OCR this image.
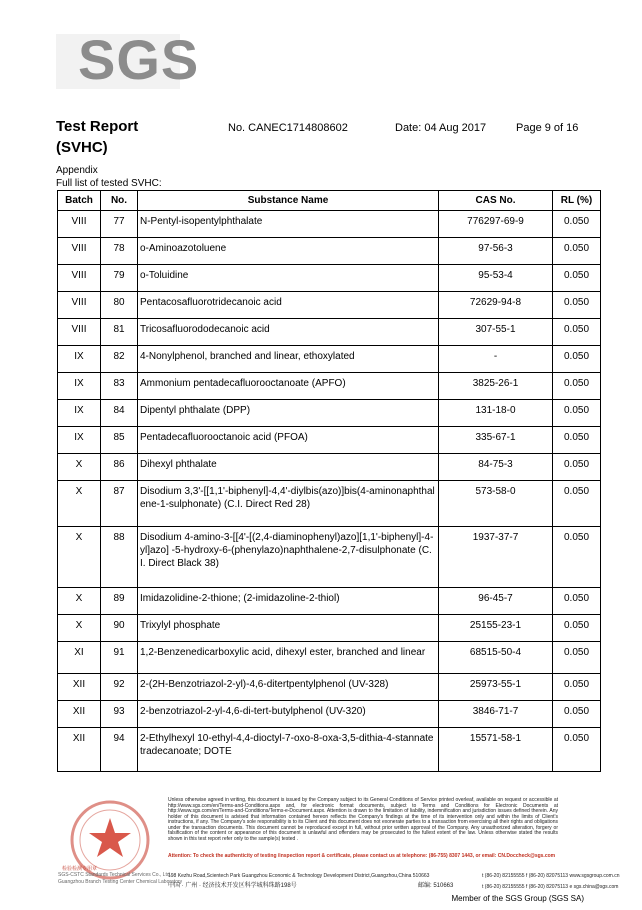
SGS
Test Report
(SVHC)
No. CANEC1714808602	Date: 04 Aug 2017	Page 9 of 16
Appendix
Full list of tested SVHC:
Batch	No.	Substance Name	CAS No.	RL (%)
VIII	77	N-Pentyl-isopentylphthalate	776297-69-9	0.050
VIII	78	o-Aminoazotoluene	97-56-3	0.050
VIII	79	o-Toluidine	95-53-4	0.050
VIII	80	Pentacosafluorotridecanoic acid	72629-94-8	0.050
VIII	81	Tricosafluorododecanoic acid	307-55-1	0.050
IX	82	4-Nonylphenol, branched and linear, ethoxylated	-	0.050
IX	83	Ammonium pentadecafluorooctanoate (APFO)	3825-26-1	0.050
IX	84	Dipentyl phthalate (DPP)	131-18-0	0.050
IX	85	Pentadecafluorooctanoic acid (PFOA)	335-67-1	0.050
X	86	Dihexyl phthalate	84-75-3	0.050
X	87	Disodium 3,3'-[[1,1'-biphenyl]-4,4'-diylbis(azo)]bis(4-aminonaphthalene-1-sulphonate) (C.I. Direct Red 28)	573-58-0	0.050
X	88	Disodium 4-amino-3-[[4'-[(2,4-diaminophenyl)azo][1,1'-biphenyl]-4-yl]azo] -5-hydroxy-6-(phenylazo)naphthalene-2,7-disulphonate (C.I. Direct Black 38)	1937-37-7	0.050
X	89	Imidazolidine-2-thione; (2-imidazoline-2-thiol)	96-45-7	0.050
X	90	Trixylyl phosphate	25155-23-1	0.050
XI	91	1,2-Benzenedicarboxylic acid, dihexyl ester, branched and linear	68515-50-4	0.050
XII	92	2-(2H-Benzotriazol-2-yl)-4,6-ditertpentylphenol (UV-328)	25973-55-1	0.050
XII	93	2-benzotriazol-2-yl-4,6-di-tert-butylphenol (UV-320)	3846-71-7	0.050
XII	94	2-Ethylhexyl 10-ethyl-4,4-dioctyl-7-oxo-8-oxa-3,5-dithia-4-stannatetradecanoate; DOTE	15571-58-1	0.050
检验检测专用章
SGS-CSTC Standards Technical Services Co., Ltd.
Guangzhou Branch Testing Center Chemical Laboratory
Unless otherwise agreed in writing, this document is issued by the Company subject to its General Conditions of Service printed overleaf, available on request or accessible at http://www.sgs.com/en/Terms-and-Conditions.aspx and, for electronic format documents, subject to Terms and Conditions for Electronic Documents at http://www.sgs.com/en/Terms-and-Conditions/Terms-e-Document.aspx. Attention is drawn to the limitation of liability, indemnification and jurisdiction issues defined therein. Any holder of this document is advised that information contained hereon reflects the Company's findings at the time of its intervention only and within the limits of Client's instructions, if any. The Company's sole responsibility is to its Client and this document does not exonerate parties to a transaction from exercising all their rights and obligations under the transaction documents. This document cannot be reproduced except in full, without prior written approval of the Company. Any unauthorized alteration, forgery or falsification of the content or appearance of this document is unlawful and offenders may be prosecuted to the fullest extent of the law. Unless otherwise stated the results shown in this test report refer only to the sample(s) tested .
Attention: To check the authenticity of testing /inspection report & certificate, please contact us at telephone: (86-755) 8307 1443, or email: CN.Doccheck@sgs.com
198 Kezhu Road,Scientech Park Guangzhou Economic & Technology Development District,Guangzhou,China 510663	t (86-20) 82155555 f (86-20) 82075113 www.sgsgroup.com.cn
中国 · 广州 · 经济技术开发区科学城科珠路198号	邮编: 510663	t (86-20) 82155555 f (86-20) 82075113 e sgs.china@sgs.com
Member of the SGS Group (SGS SA)
